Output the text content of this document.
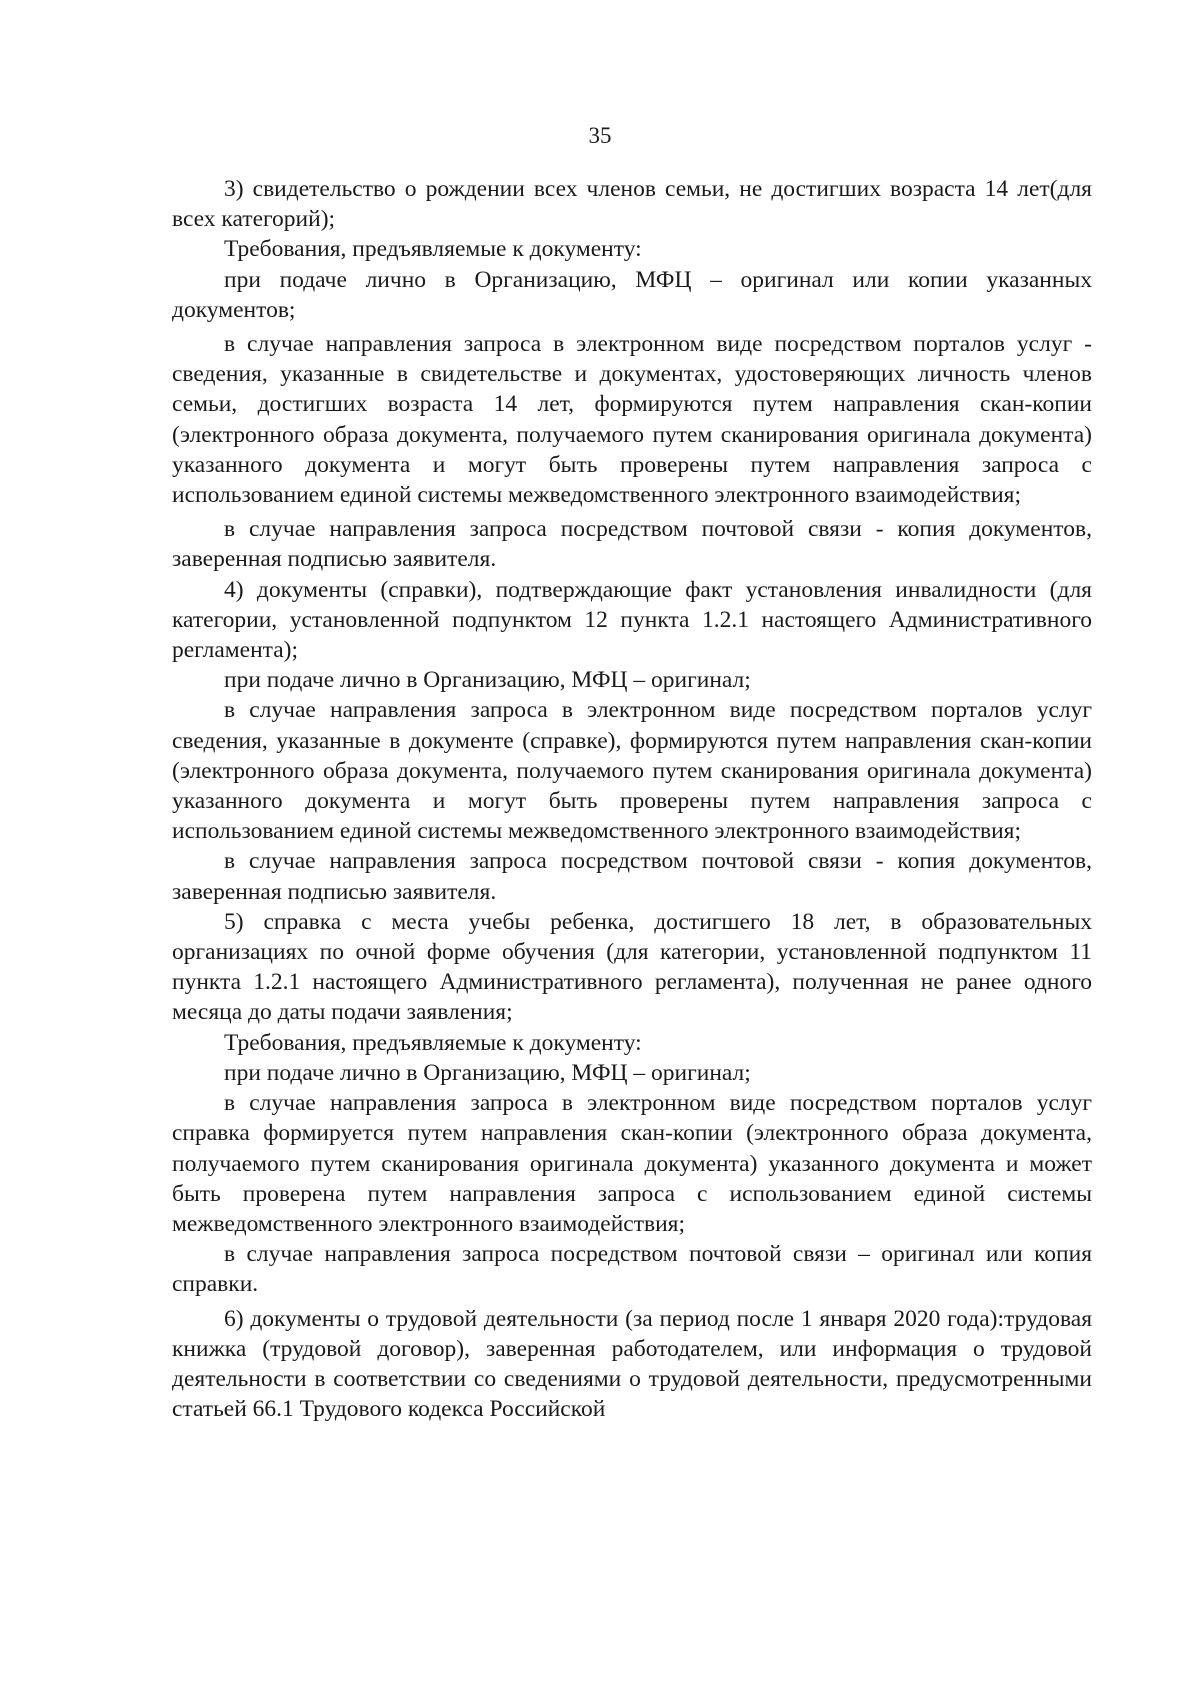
35

3) свидетельство о рождении всех членов семьи, не достигших возраста 14 лет(для всех категорий);

Требования, предъявляемые к документу:

при подаче лично в Организацию, МФЦ – оригинал или копии указанных документов;

в случае направления запроса в электронном виде посредством порталов услуг - сведения, указанные в свидетельстве и документах, удостоверяющих личность членов семьи, достигших возраста 14 лет, формируются путем направления скан-копии (электронного образа документа, получаемого путем сканирования оригинала документа) указанного документа и могут быть проверены путем направления запроса с использованием единой системы межведомственного электронного взаимодействия;

в случае направления запроса посредством почтовой связи - копия документов, заверенная подписью заявителя.

4) документы (справки), подтверждающие факт установления инвалидности (для категории, установленной подпунктом 12 пункта 1.2.1 настоящего Административного регламента);

при подаче лично в Организацию, МФЦ – оригинал;

в случае направления запроса в электронном виде посредством порталов услуг сведения, указанные в документе (справке), формируются путем направления скан-копии (электронного образа документа, получаемого путем сканирования оригинала документа) указанного документа и могут быть проверены путем направления запроса с использованием единой системы межведомственного электронного взаимодействия;

в случае направления запроса посредством почтовой связи - копия документов, заверенная подписью заявителя.

5) справка с места учебы ребенка, достигшего 18 лет, в образовательных организациях по очной форме обучения (для категории, установленной подпунктом 11 пункта 1.2.1 настоящего Административного регламента), полученная не ранее одного месяца до даты подачи заявления;

Требования, предъявляемые к документу:

при подаче лично в Организацию, МФЦ – оригинал;

в случае направления запроса в электронном виде посредством порталов услуг справка формируется путем направления скан-копии (электронного образа документа, получаемого путем сканирования оригинала документа) указанного документа и может быть проверена путем направления запроса с использованием единой системы межведомственного электронного взаимодействия;

в случае направления запроса посредством почтовой связи – оригинал или копия справки.

6) документы о трудовой деятельности (за период после 1 января 2020 года):трудовая книжка (трудовой договор), заверенная работодателем, или информация о трудовой деятельности в соответствии со сведениями о трудовой деятельности, предусмотренными статьей 66.1 Трудового кодекса Российской
